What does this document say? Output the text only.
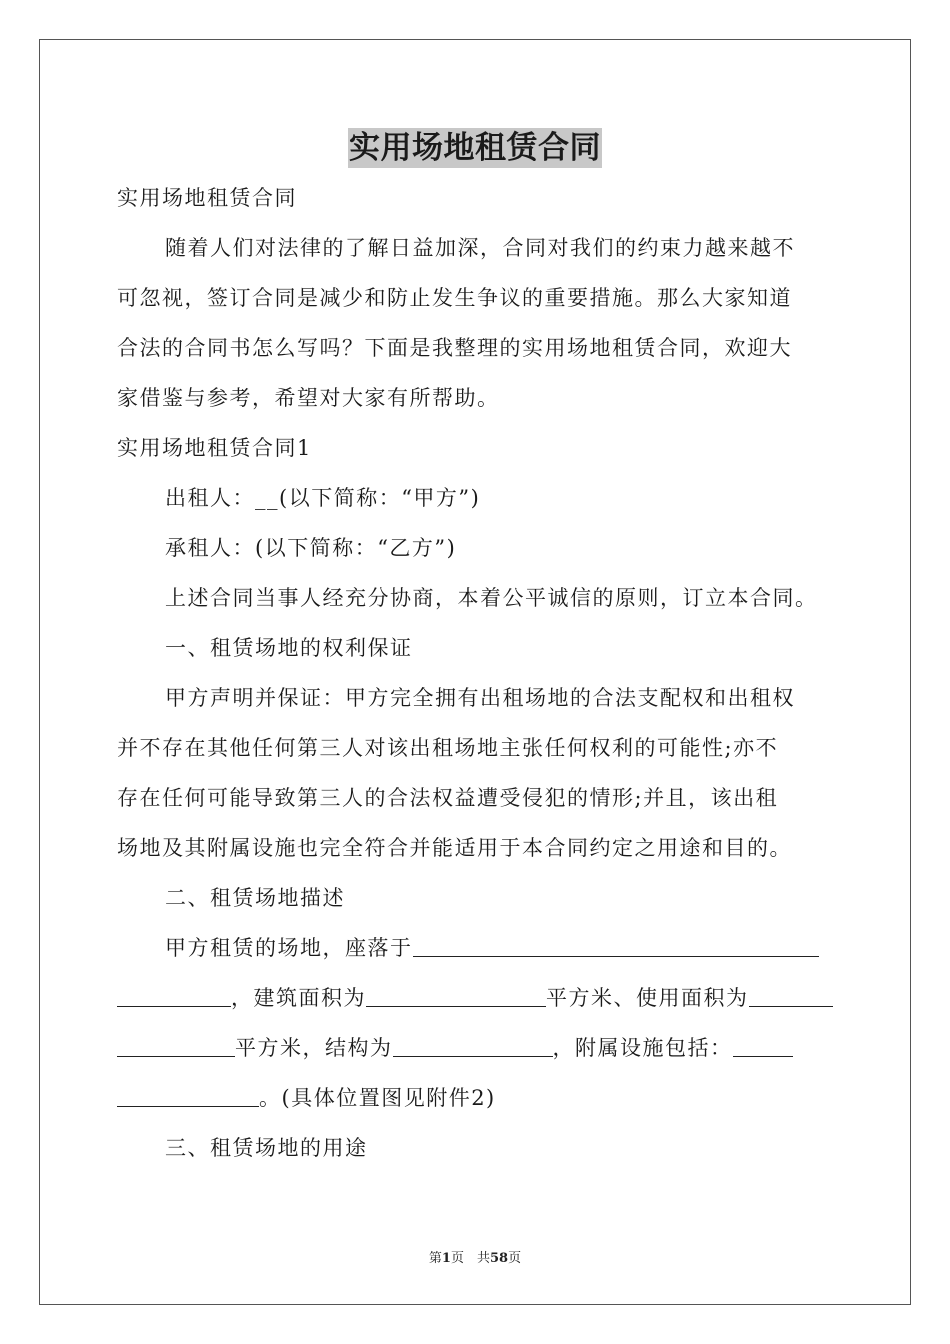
实用场地租赁合同
实用场地租赁合同
随着人们对法律的了解日益加深，合同对我们的约束力越来越不
可忽视，签订合同是减少和防止发生争议的重要措施。那么大家知道
合法的合同书怎么写吗？下面是我整理的实用场地租赁合同，欢迎大
家借鉴与参考，希望对大家有所帮助。
实用场地租赁合同1
出租人：__(以下简称：“甲方”)
承租人：(以下简称：“乙方”)
上述合同当事人经充分协商，本着公平诚信的原则，订立本合同。
一、租赁场地的权利保证
甲方声明并保证：甲方完全拥有出租场地的合法支配权和出租权
并不存在其他任何第三人对该出租场地主张任何权利的可能性;亦不
存在任何可能导致第三人的合法权益遭受侵犯的情形;并且，该出租
场地及其附属设施也完全符合并能适用于本合同约定之用途和目的。
二、租赁场地描述
甲方租赁的场地，座落于
，建筑面积为	平方米、使用面积为
平方米，结构为	，附属设施包括：
。(具体位置图见附件2)
三、租赁场地的用途
第1页　共58页
